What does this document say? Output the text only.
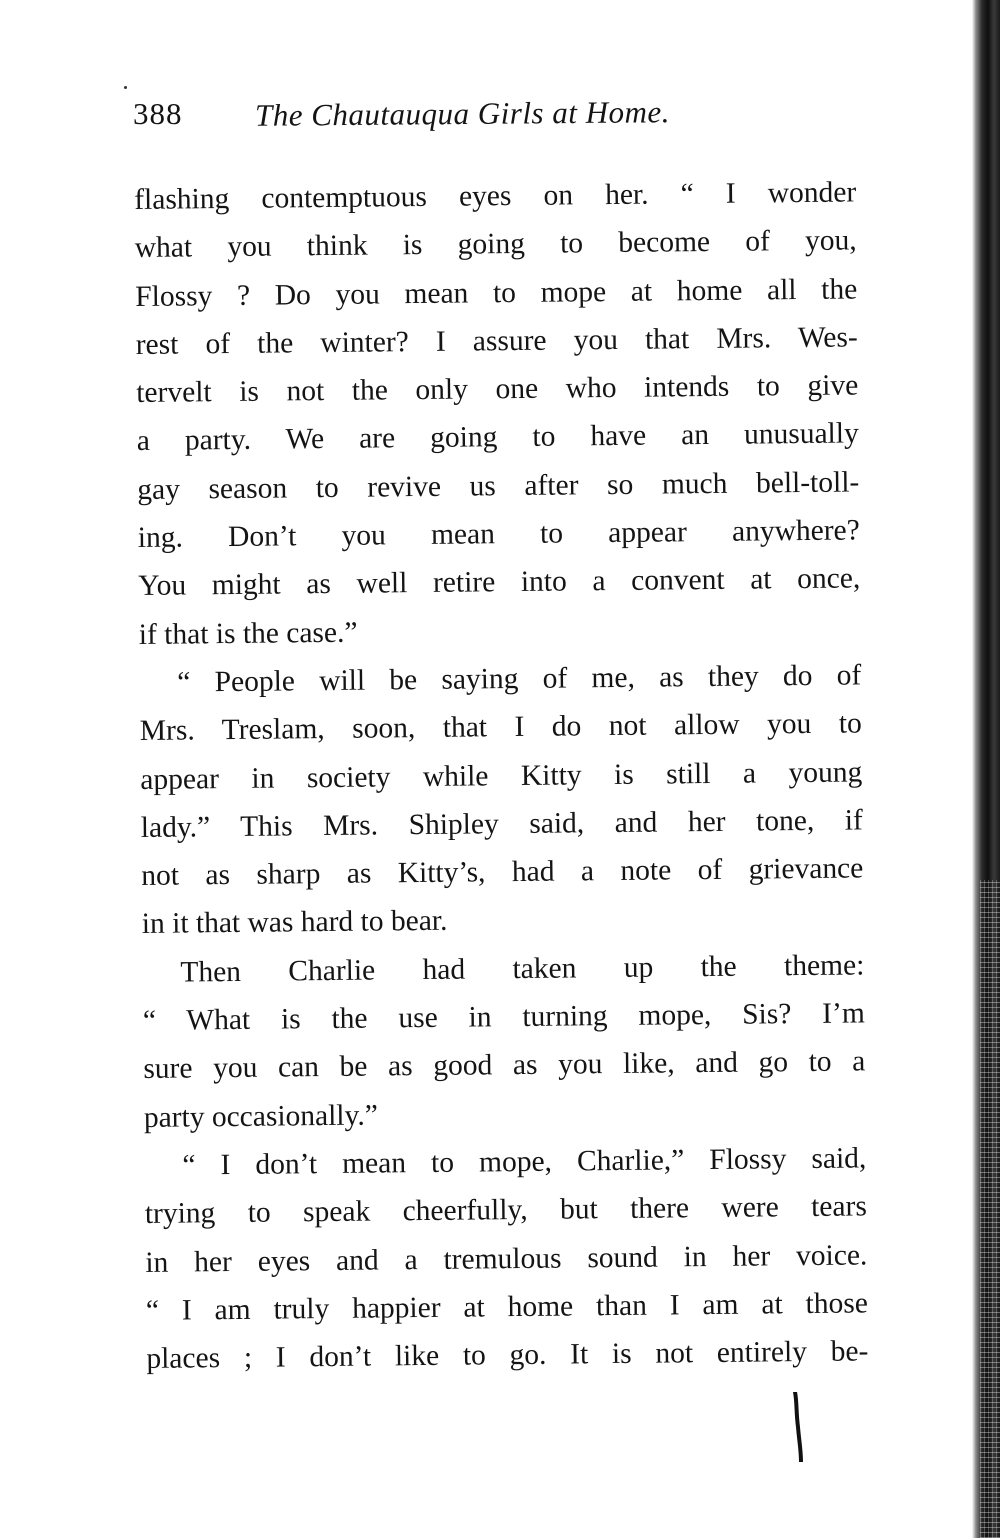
388 The Chautauqua Girls at Home.
flashing contemptuous eyes on her. “ I wonder
what you think is going to become of you,
Flossy ? Do you mean to mope at home all the
rest of the winter? I assure you that Mrs. Wes-
tervelt is not the only one who intends to give
a party. We are going to have an unusually
gay season to revive us after so much bell-toll-
ing. Don’t you mean to appear anywhere?
You might as well retire into a convent at once,
if that is the case.”
“ People will be saying of me, as they do of
Mrs. Treslam, soon, that I do not allow you to
appear in society while Kitty is still a young
lady.” This Mrs. Shipley said, and her tone, if
not as sharp as Kitty’s, had a note of grievance
in it that was hard to bear.
Then Charlie had taken up the theme:
“ What is the use in turning mope, Sis? I’m
sure you can be as good as you like, and go to a
party occasionally.”
“ I don’t mean to mope, Charlie,” Flossy said,
trying to speak cheerfully, but there were tears
in her eyes and a tremulous sound in her voice.
“ I am truly happier at home than I am at those
places ; I don’t like to go. It is not entirely be-
